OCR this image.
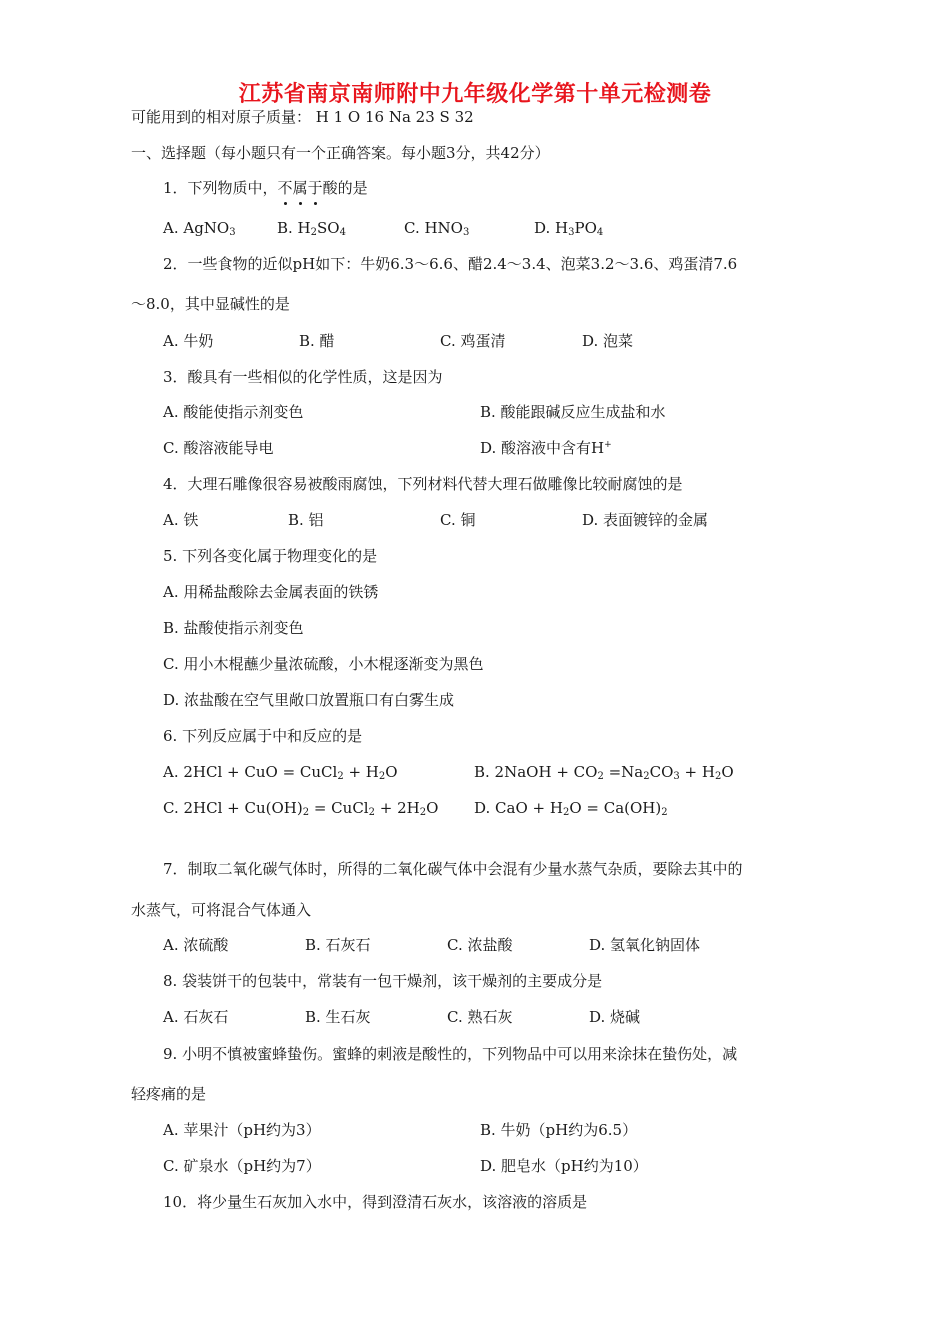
江苏省南京南师附中九年级化学第十单元检测卷
可能用到的相对原子质量： H 1 O 16 Na 23 S 32
一、选择题（每小题只有一个正确答案。每小题3分，共42分）
1．下列物质中，不属于酸的是
A. AgNO$_3$	B. $H_2SO_4$	C. $HNO_3$	D. $H_3PO_4$
2．一些食物的近似pH如下：牛奶6.3～6.6、醋2.4～3.4、泡菜3.2～3.6、鸡蛋清7.6
～8.0，其中显碱性的是
A. 牛奶	B. 醋	C. 鸡蛋清	D. 泡菜
3．酸具有一些相似的化学性质，这是因为
A. 酸能使指示剂变色	B. 酸能跟碱反应生成盐和水
C. 酸溶液能导电	D. 酸溶液中含有H+
4．大理石雕像很容易被酸雨腐蚀，下列材料代替大理石做雕像比较耐腐蚀的是
A. 铁	B. 铝	C. 铜	D. 表面镀锌的金属
5. 下列各变化属于物理变化的是
A. 用稀盐酸除去金属表面的铁锈
B. 盐酸使指示剂变色
C. 用小木棍蘸少量浓硫酸，小木棍逐渐变为黑色
D. 浓盐酸在空气里敞口放置瓶口有白雾生成
6. 下列反应属于中和反应的是
A. 2HCl + CuO = CuCl$_2$ + $H_2O$	B. 2NaOH + $CO_2 =Na_2CO_3 + H_2O$
C. $2HCl + Cu(OH)_2$ = CuCl$_2$ + $2H_2O$ D. CaO + $H_2O = Ca(OH)_2$
7．制取二氧化碳气体时，所得的二氧化碳气体中会混有少量水蒸气杂质，要除去其中的
水蒸气，可将混合气体通入
A. 浓硫酸	B. 石灰石	C. 浓盐酸	D. 氢氧化钠固体
8. 袋装饼干的包装中，常装有一包干燥剂，该干燥剂的主要成分是
A. 石灰石	B. 生石灰	C. 熟石灰	D. 烧碱
9. 小明不慎被蜜蜂蛰伤。蜜蜂的刺液是酸性的，下列物品中可以用来涂抹在蛰伤处，减
轻疼痛的是
A. 苹果汁（pH约为3）	B. 牛奶（pH约为6.5）
C. 矿泉水（pH约为7）	D. 肥皂水（pH约为10）
10．将少量生石灰加入水中，得到澄清石灰水，该溶液的溶质是
